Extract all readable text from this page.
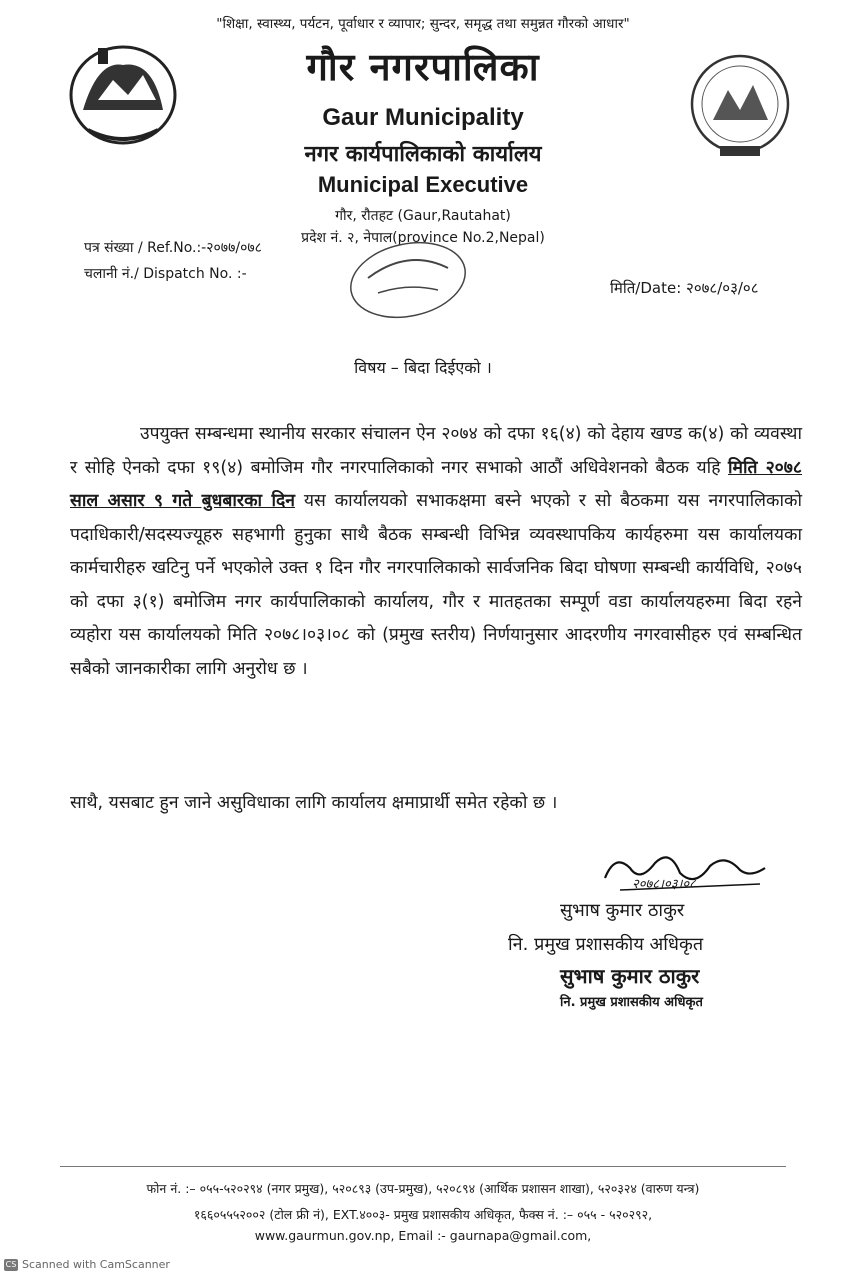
"शिक्षा, स्वास्थ्य, पर्यटन, पूर्वाधार र व्यापार; सुन्दर, समृद्ध तथा समुन्नत गौरको आधार"
गौर नगरपालिका
Gaur Municipality
नगर कार्यपालिकाको कार्यालय
Municipal Executive
गौर, रौतहट (Gaur,Rautahat)
प्रदेश नं. २, नेपाल(province No.2,Nepal)
पत्र संख्या / Ref.No.:-२०७७/०७८
चलानी नं./ Dispatch No. :-
मिति/Date: २०७८/०३/०८
विषय – बिदा दिईएको ।

उपयुक्त सम्बन्धमा स्थानीय सरकार संचालन ऐन २०७४ को दफा १६(४) को देहाय खण्ड क(४) को व्यवस्था र सोहि ऐनको दफा १९(४) बमोजिम गौर नगरपालिकाको नगर सभाको आठौं अधिवेशनको बैठक यहि मिति २०७८ साल असार ९ गते बुधबारका दिन यस कार्यालयको सभाकक्षमा बस्ने भएको र सो बैठकमा यस नगरपालिकाको पदाधिकारी/सदस्यज्यूहरु सहभागी हुनुका साथै बैठक सम्बन्धी विभिन्न व्यवस्थापकिय कार्यहरुमा यस कार्यालयका कार्मचारीहरु खटिनु पर्ने भएकोले उक्त १ दिन गौर नगरपालिकाको सार्वजनिक बिदा घोषणा सम्बन्धी कार्यविधि, २०७५ को दफा ३(१) बमोजिम नगर कार्यपालिकाको कार्यालय, गौर र मातहतका सम्पूर्ण वडा कार्यालयहरुमा बिदा रहने व्यहोरा यस कार्यालयको मिति २०७८।०३।०८ को (प्रमुख स्तरीय) निर्णयानुसार आदरणीय नगरवासीहरु एवं सम्बन्धित सबैको जानकारीका लागि अनुरोध छ ।

साथै, यसबाट हुन जाने असुविधाका लागि कार्यालय क्षमाप्रार्थी समेत रहेको छ ।
२०७८।०३।०८
सुभाष कुमार ठाकुर
नि. प्रमुख प्रशासकीय अधिकृत
सुभाष कुमार ठाकुर
नि. प्रमुख प्रशासकीय अधिकृत
फोन नं. :– ०५५-५२०२९४ (नगर प्रमुख), ५२०८९३ (उप-प्रमुख), ५२०८९४ (आर्थिक प्रशासन शाखा), ५२०३२४ (वारुण यन्त्र)
१६६०५५५२००२ (टोल फ्री नं), EXT.४००३- प्रमुख प्रशासकीय अधिकृत, फैक्स नं. :– ०५५ - ५२०२९२,
www.gaurmun.gov.np, Email :- gaurnapa@gmail.com,
CS Scanned with CamScanner
